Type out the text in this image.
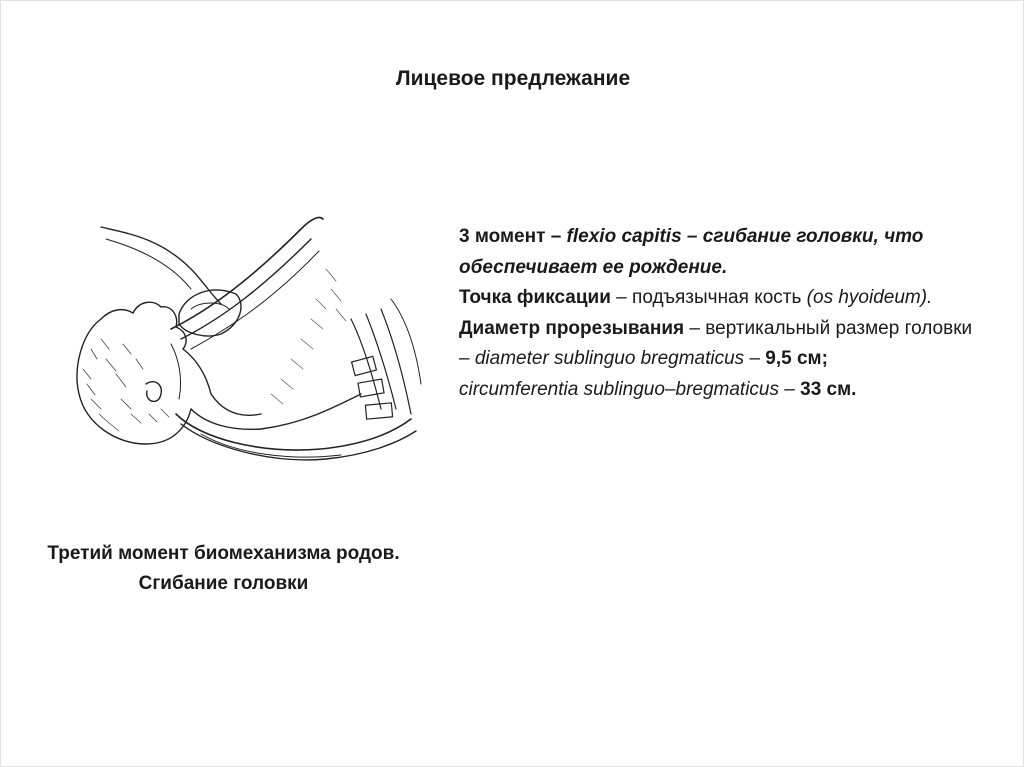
Лицевое предлежание
Третий момент биомеханизма родов.
Сгибание головки

3 момент – flexio capitis – сгибание головки, что обеспечивает ее рождение.

Точка фиксации – подъязычная кость (os hyoideum).

Диаметр прорезывания – вертикальный размер головки – diameter sublinguo bregmaticus – 9,5 см;

circumferentia sublinguo–bregmaticus – 33 см.
